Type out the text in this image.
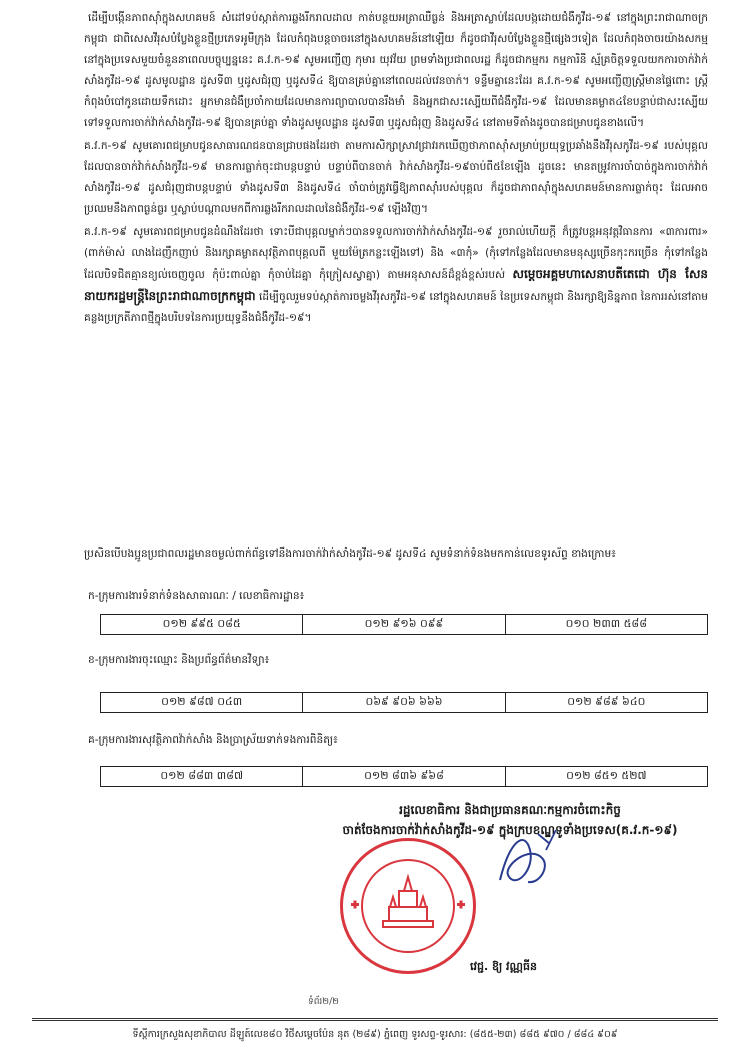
ដើម្បីបង្កើនភាពស៊ាំក្នុងសហគមន៍ សំដៅទប់ស្កាត់ការឆ្លងរីករាលដាល កាត់បន្ថយអត្រាឈឺធ្ងន់ និងអត្រាស្លាប់ដែលបង្កដោយជំងឺកូវីដ-១៩ នៅក្នុងព្រះរាជាណាចក្រកម្ពុជា ជាពិសេសវីរុសបំប្លែងខ្លួនថ្មីប្រភេទអូមីក្រុង ដែលកំពុងបន្តចាចរនៅក្នុងសហគមន៍នៅឡើយ ក៏ដូចជាវីរុសបំប្លែងខ្លួនថ្មីផ្សេងៗទៀត ដែលកំពុងចាចរយ៉ាងសកម្មនៅក្នុងប្រទេសមួយចំនួននាពេលបច្ចុប្បន្ននេះ គ.វ.ក-១៩ សូមអញ្ជើញ កុមារ យុវវ័យ ព្រមទាំងប្រជាពលរដ្ឋ ក៏ដូចជាកម្មករ កម្មការិនី ស្ម័គ្រចិត្តទទួលយកការចាក់វ៉ាក់សាំងកូវីដ-១៩ ដូសមូលដ្ឋាន ដូសទី៣ ឬដូសជំរុញ ឬដូសទី៤ ឱ្យបានគ្រប់គ្នានៅពេលដល់វេនចាក់។ ទន្ទឹមគ្នានេះដែរ គ.វ.ក-១៩ សូមអញ្ជើញស្ត្រីមានផ្ទៃពោះ ស្ត្រីកំពុងបំបៅកូនដោយទឹកដោះ អ្នកមានជំងឺប្រចាំកាយដែលមានការព្យាបាលបានរឹងមាំ និងអ្នកជាសះស្បើយពីជំងឺកូវីដ-១៩ ដែលមានគម្លាត៤ខែបន្ទាប់ជាសះស្បើយ ទៅទទួលការចាក់វ៉ាក់សាំងកូវីដ-១៩ ឱ្យបានគ្រប់គ្នា ទាំងដូសមូលដ្ឋាន ដូសទី៣ ឬដូសជំរុញ និងដូសទី៤ នៅតាមទីតាំងដូចបានជម្រាបជូនខាងលើ។

គ.វ.ក-១៩ សូមគោរពជម្រាបជូនសាធារណជនបានជ្រាបផងដែរថា តាមការសិក្សាស្រាវជ្រាវរកឃើញថាភាពស៊ាំសម្រាប់ប្រយុទ្ធប្រឆាំងនឹងវីរុសកូវីដ-១៩ របស់បុគ្គលដែលបានចាក់វ៉ាក់សាំងកូវីដ-១៩ មានការធ្លាក់ចុះជាបន្តបន្ទាប់ បន្ទាប់ពីបានចាក់ វ៉ាក់សាំងកូវីដ-១៩ចាប់ពី៥ខែឡើង ដូចនេះ មានតម្រូវការចាំបាច់ក្នុងការចាក់វ៉ាក់សាំងកូវីដ-១៩ ដូសជំរុញជាបន្តបន្ទាប់ ទាំងដូសទី៣ និងដូសទី៤ ចាំបាច់ត្រូវធ្វើឱ្យភាពស៊ាំរបស់បុគ្គល ក៏ដូចជាភាពស៊ាំក្នុងសហគមន៍មានការធ្លាក់ចុះ ដែលអាចប្រឈមនឹងភាពធ្ងន់ធ្ងរ ឬស្លាប់បណ្តាលមកពីការឆ្លងរីករាលដាលនៃជំងឺកូវីដ-១៩ ឡើងវិញ។

គ.វ.ក-១៩ សូមគោរពជម្រាបជូនដំណឹងដែរថា ទោះបីជាបុគ្គលម្នាក់ៗបានទទួលការចាក់វ៉ាក់សាំងកូវីដ-១៩ រួចរាល់ហើយក្តី ក៏ត្រូវបន្តអនុវត្តវិធានការ «៣ការពារ» (ពាក់ម៉ាស់ លាងដៃញឹកញាប់ និងរក្សាគម្លាតសុវត្ថិភាពបុគ្គលពី មួយម៉ែត្រកន្លះឡើងទៅ) និង «៣កុំ» (កុំទៅកន្លែងដែលមានមនុស្សច្រើនកុះករច្រើន កុំទៅកន្លែងដែលបិទជិតគ្មានខ្យល់ចេញចូល កុំប៉ះពាល់គ្នា កុំចាប់ដៃគ្នា កុំក្រៀសស្វាគ្នា) តាមអនុសាសន៍ដ៏ខ្ពង់ខ្ពស់របស់ សម្តេចអគ្គមហាសេនាបតីតេជោ ហ៊ុន សែន នាយករដ្ឋមន្ត្រីនៃព្រះរាជាណាចក្រកម្ពុជា ដើម្បីចូលរួមទប់ស្កាត់ការចម្លងវីរុសកូវីដ-១៩ នៅក្នុងសហគមន៍ នៃប្រទេសកម្ពុជា និងរក្សាឱ្យនិន្នភាព នៃការរស់នៅតាមគន្លងប្រក្រតីភាពថ្មីក្នុងបរិបទនៃការប្រយុទ្ធនឹងជំងឺកូវីដ-១៩។

ប្រសិនបើបងប្អូនប្រជាពលរដ្ឋមានចម្ងល់ពាក់ព័ន្ធទៅនឹងការចាក់វ៉ាក់សាំងកូវីដ-១៩ ដូសទី៤ សូមទំនាក់ទំនងមកកាន់លេខទូរស័ព្ទ ខាងក្រោម៖
ក-ក្រុមការងារទំនាក់ទំនងសាធារណៈ / លេខាធិការដ្ឋាន៖
០១២ ៩៩៥ ០៨៥	០១២ ៩១៦ ០៩៩	០១០ ២៣៣ ៥៨៨
ខ-ក្រុមការងារចុះឈ្មោះ និងប្រព័ន្ធព័ត៌មានវិទ្យា៖
០១២ ៩៨៧ ០៤៣	០៦៩ ៩០៦ ៦៦៦	០១២ ៩៨៩ ៦៤០
គ-ក្រុមការងារសុវត្ថិភាពវ៉ាក់សាំង និងប្រាស្រ័យទាក់ទងការពិនិត្យ៖
០១២ ៨៨៣ ៣៨៧	០១២ ៨៣៦ ៩៦៨	០១២ ៨៥១ ៥២៧
រដ្ឋលេខាធិការ និងជាប្រធានគណៈកម្មការចំពោះកិច្ច
ចាត់ចែងការចាក់វ៉ាក់សាំងកូវីដ-១៩ ក្នុងក្របខណ្ឌទូទាំងប្រទេស(គ.វ.ក-១៩)
វេជ្ជ. ឱ្យ វណ្ណធីន
ទំព័រ២/២
ទីស្តីការក្រសួងសុខាភិបាល ដីឡូត៍លេខ៨០ វិថីសម្តេចប៉ែន នុត (២៨៩) ភ្នំពេញ ទូរសព្ទ-ទូរសារ: (៨៥៥-២៣) ៨៨៥ ៩៧០ / ៨៨៤ ៩០៩
